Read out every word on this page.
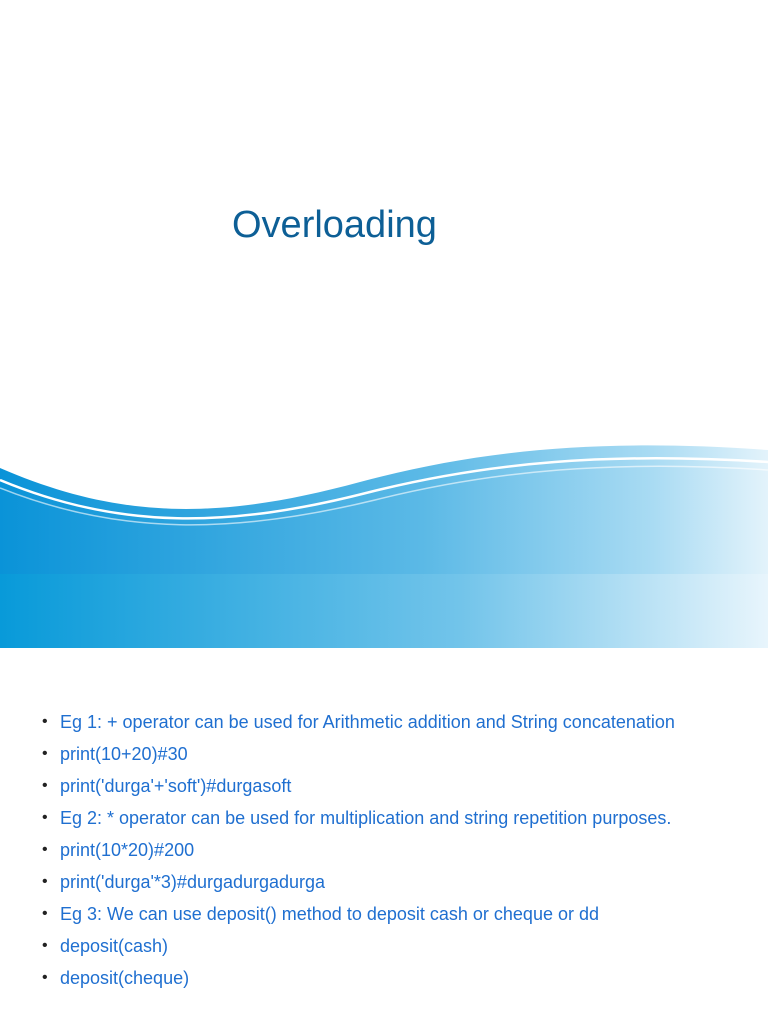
Overloading
• Eg 1: + operator can be used for Arithmetic addition and String concatenation
• print(10+20)#30
• print('durga'+'soft')#durgasoft
• Eg 2: * operator can be used for multiplication and string repetition purposes.
• print(10*20)#200
• print('durga'*3)#durgadurgadurga
• Eg 3: We can use deposit() method to deposit cash or cheque or dd
• deposit(cash)
• deposit(cheque)
